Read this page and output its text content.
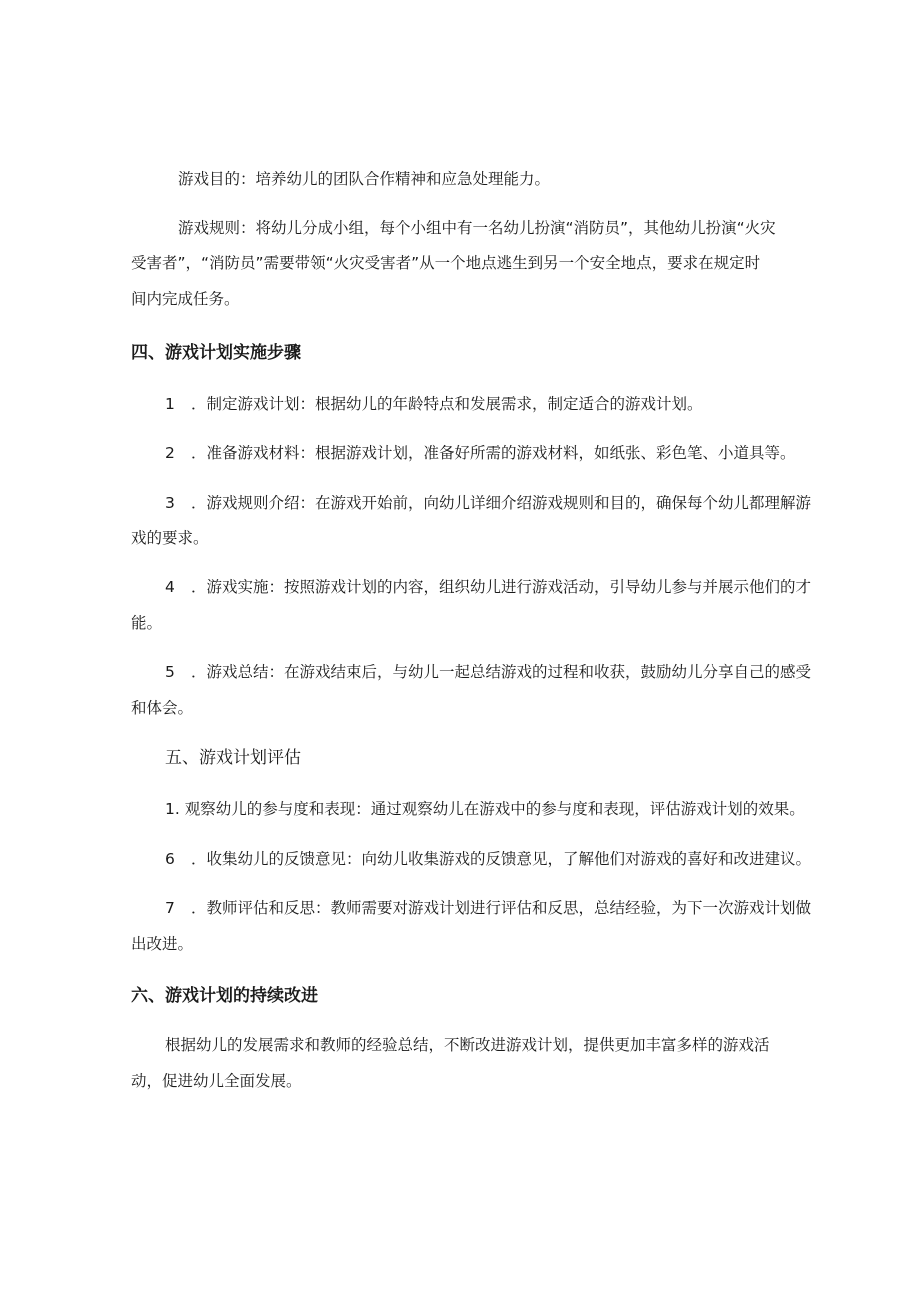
游戏目的：培养幼儿的团队合作精神和应急处理能力。
游戏规则：将幼儿分成小组，每个小组中有一名幼儿扮演“消防员”，其他幼儿扮演“火灾
受害者”，“消防员”需要带领“火灾受害者”从一个地点逃生到另一个安全地点，要求在规定时
间内完成任务。
四、游戏计划实施步骤
1 ．制定游戏计划：根据幼儿的年龄特点和发展需求，制定适合的游戏计划。
2 ．准备游戏材料：根据游戏计划，准备好所需的游戏材料，如纸张、彩色笔、小道具等。
3 ．游戏规则介绍：在游戏开始前，向幼儿详细介绍游戏规则和目的，确保每个幼儿都理解游
戏的要求。
4 ．游戏实施：按照游戏计划的内容，组织幼儿进行游戏活动，引导幼儿参与并展示他们的才
能。
5 ．游戏总结：在游戏结束后，与幼儿一起总结游戏的过程和收获，鼓励幼儿分享自己的感受
和体会。
五、游戏计划评估
1. 观察幼儿的参与度和表现：通过观察幼儿在游戏中的参与度和表现，评估游戏计划的效果。
6 ．收集幼儿的反馈意见：向幼儿收集游戏的反馈意见，了解他们对游戏的喜好和改进建议。
7 ．教师评估和反思：教师需要对游戏计划进行评估和反思，总结经验，为下一次游戏计划做
出改进。
六、游戏计划的持续改进
根据幼儿的发展需求和教师的经验总结，不断改进游戏计划，提供更加丰富多样的游戏活
动，促进幼儿全面发展。
